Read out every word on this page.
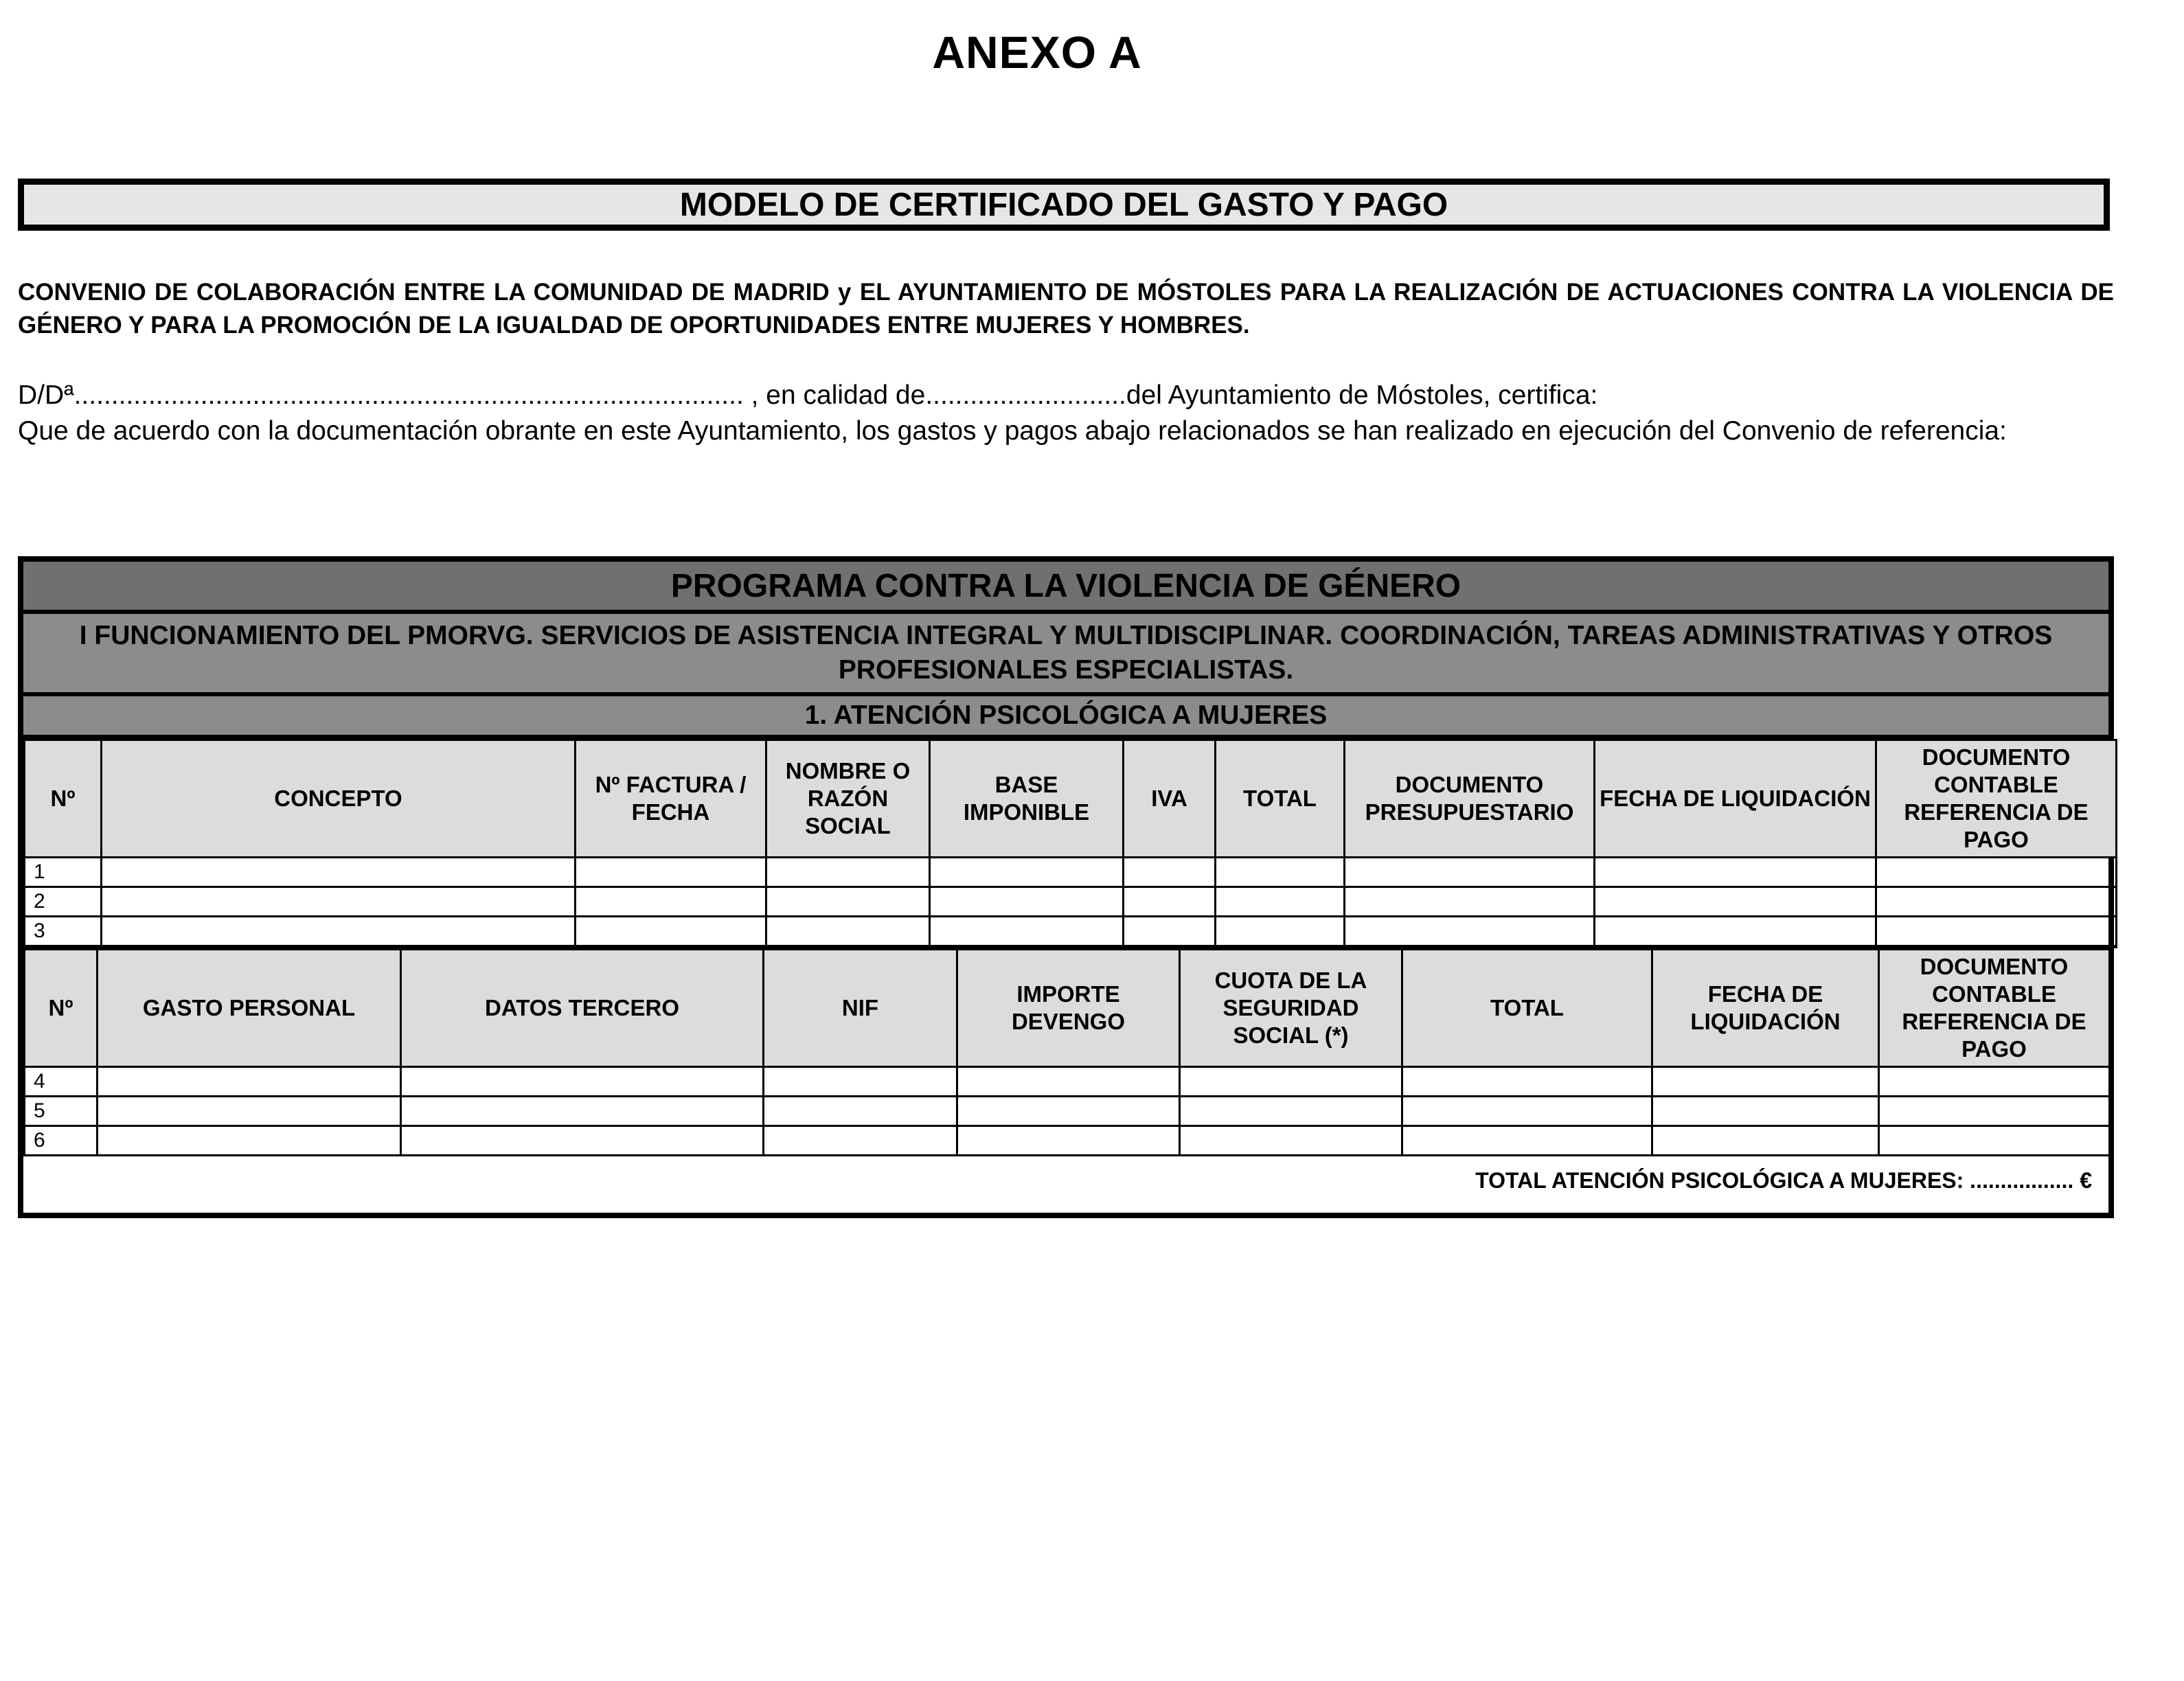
ANEXO A
MODELO DE CERTIFICADO DEL GASTO Y PAGO
CONVENIO DE COLABORACIÓN ENTRE LA COMUNIDAD DE MADRID y EL AYUNTAMIENTO DE MÓSTOLES PARA LA REALIZACIÓN DE ACTUACIONES CONTRA LA VIOLENCIA DE GÉNERO Y PARA LA PROMOCIÓN DE LA IGUALDAD DE OPORTUNIDADES ENTRE MUJERES Y HOMBRES.

D/Dª.......................................................................................... , en calidad de...........................del Ayuntamiento de Móstoles, certifica:

Que de acuerdo con la documentación obrante en este Ayuntamiento, los gastos y pagos abajo relacionados se han realizado en ejecución del Convenio de referencia:

PROGRAMA CONTRA LA VIOLENCIA DE GÉNERO
I FUNCIONAMIENTO DEL PMORVG. SERVICIOS DE ASISTENCIA INTEGRAL Y MULTIDISCIPLINAR. COORDINACIÓN, TAREAS ADMINISTRATIVAS Y OTROS PROFESIONALES ESPECIALISTAS.
1. ATENCIÓN PSICOLÓGICA A MUJERES
Nº	CONCEPTO	Nº FACTURA / FECHA	NOMBRE O RAZÓN SOCIAL	BASE IMPONIBLE	IVA	TOTAL	DOCUMENTO PRESUPUESTARIO	FECHA DE LIQUIDACIÓN	DOCUMENTO CONTABLE REFERENCIA DE PAGO
1									
2									
3									
Nº	GASTO PERSONAL	DATOS TERCERO	NIF	IMPORTE DEVENGO	CUOTA DE LA SEGURIDAD SOCIAL (*)	TOTAL	FECHA DE LIQUIDACIÓN	DOCUMENTO CONTABLE REFERENCIA DE PAGO
4								
5								
6								
TOTAL ATENCIÓN PSICOLÓGICA A MUJERES: ................. €
